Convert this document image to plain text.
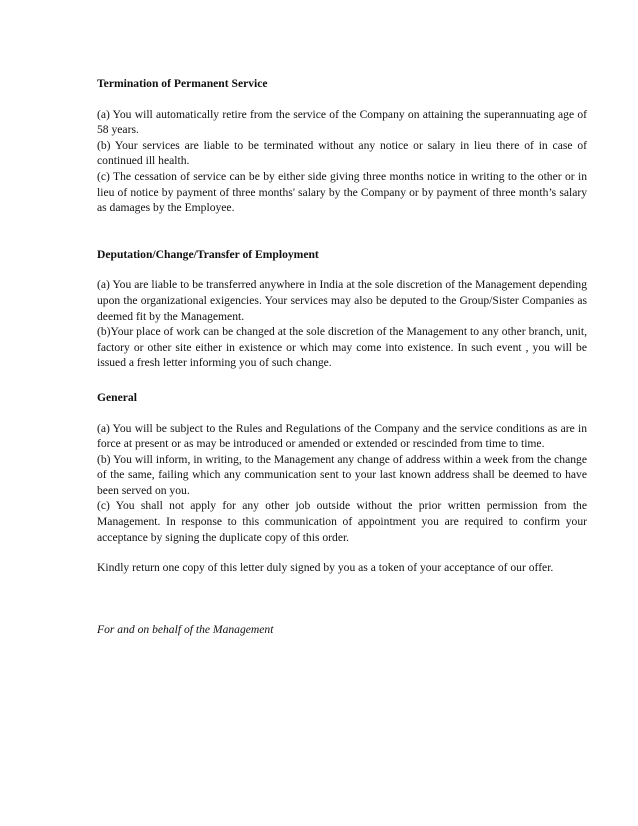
Termination of Permanent Service

(a) You will automatically retire from the service of the Company on attaining the superannuating age of 58 years.

(b) Your services are liable to be terminated without any notice or salary in lieu there of in case of continued ill health.

(c) The cessation of service can be by either side giving three months notice in writing to the other or in lieu of notice by payment of three months' salary by the Company or by payment of three month’s salary as damages by the Employee.

Deputation/Change/Transfer of Employment

(a) You are liable to be transferred anywhere in India at the sole discretion of the Management depending upon the organizational exigencies. Your services may also be deputed to the Group/Sister Companies as deemed fit by the Management.

(b)Your place of work can be changed at the sole discretion of the Management to any other branch, unit, factory or other site either in existence or which may come into existence. In such event , you will be issued a fresh letter informing you of such change.

General

(a) You will be subject to the Rules and Regulations of the Company and the service conditions as are in force at present or as may be introduced or amended or extended or rescinded from time to time.

(b) You will inform, in writing, to the Management any change of address within a week from the change of the same, failing which any communication sent to your last known address shall be deemed to have been served on you.

(c) You shall not apply for any other job outside without the prior written permission from the Management. In response to this communication of appointment you are required to confirm your acceptance by signing the duplicate copy of this order.

Kindly return one copy of this letter duly signed by you as a token of your acceptance of our offer.

For and on behalf of the Management
